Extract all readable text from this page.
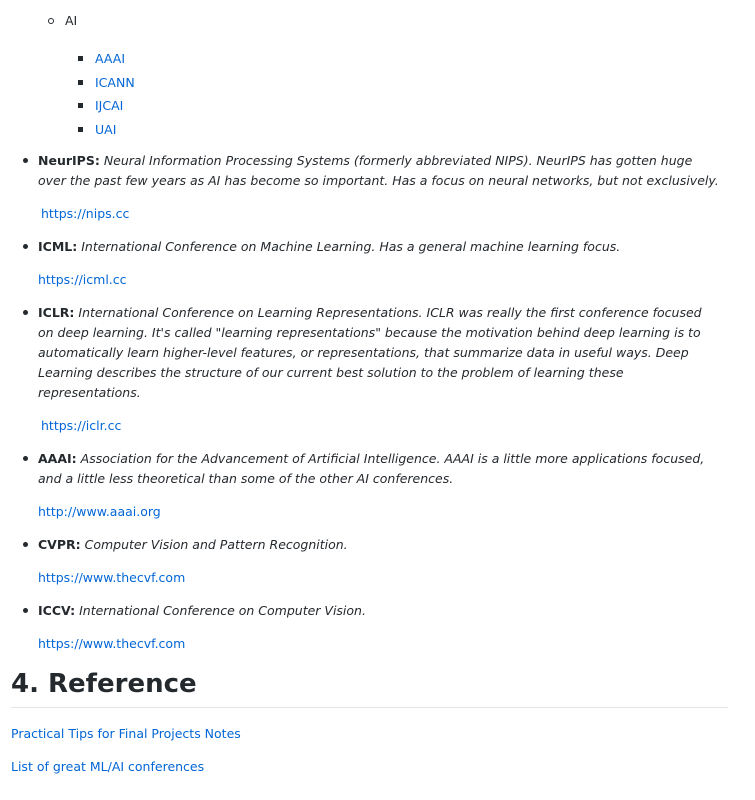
AI
AAAI
ICANN
IJCAI
UAI

NeurIPS: Neural Information Processing Systems (formerly abbreviated NIPS). NeurIPS has gotten huge over the past few years as AI has become so important. Has a focus on neural networks, but not exclusively.

https://nips.cc

ICML: International Conference on Machine Learning. Has a general machine learning focus.

https://icml.cc

ICLR: International Conference on Learning Representations. ICLR was really the first conference focused on deep learning. It's called "learning representations" because the motivation behind deep learning is to automatically learn higher-level features, or representations, that summarize data in useful ways. Deep Learning describes the structure of our current best solution to the problem of learning these representations.

https://iclr.cc

AAAI: Association for the Advancement of Artificial Intelligence. AAAI is a little more applications focused, and a little less theoretical than some of the other AI conferences.

http://www.aaai.org

CVPR: Computer Vision and Pattern Recognition.

https://www.thecvf.com

ICCV: International Conference on Computer Vision.

https://www.thecvf.com
4. Reference
Practical Tips for Final Projects Notes
List of great ML/AI conferences
